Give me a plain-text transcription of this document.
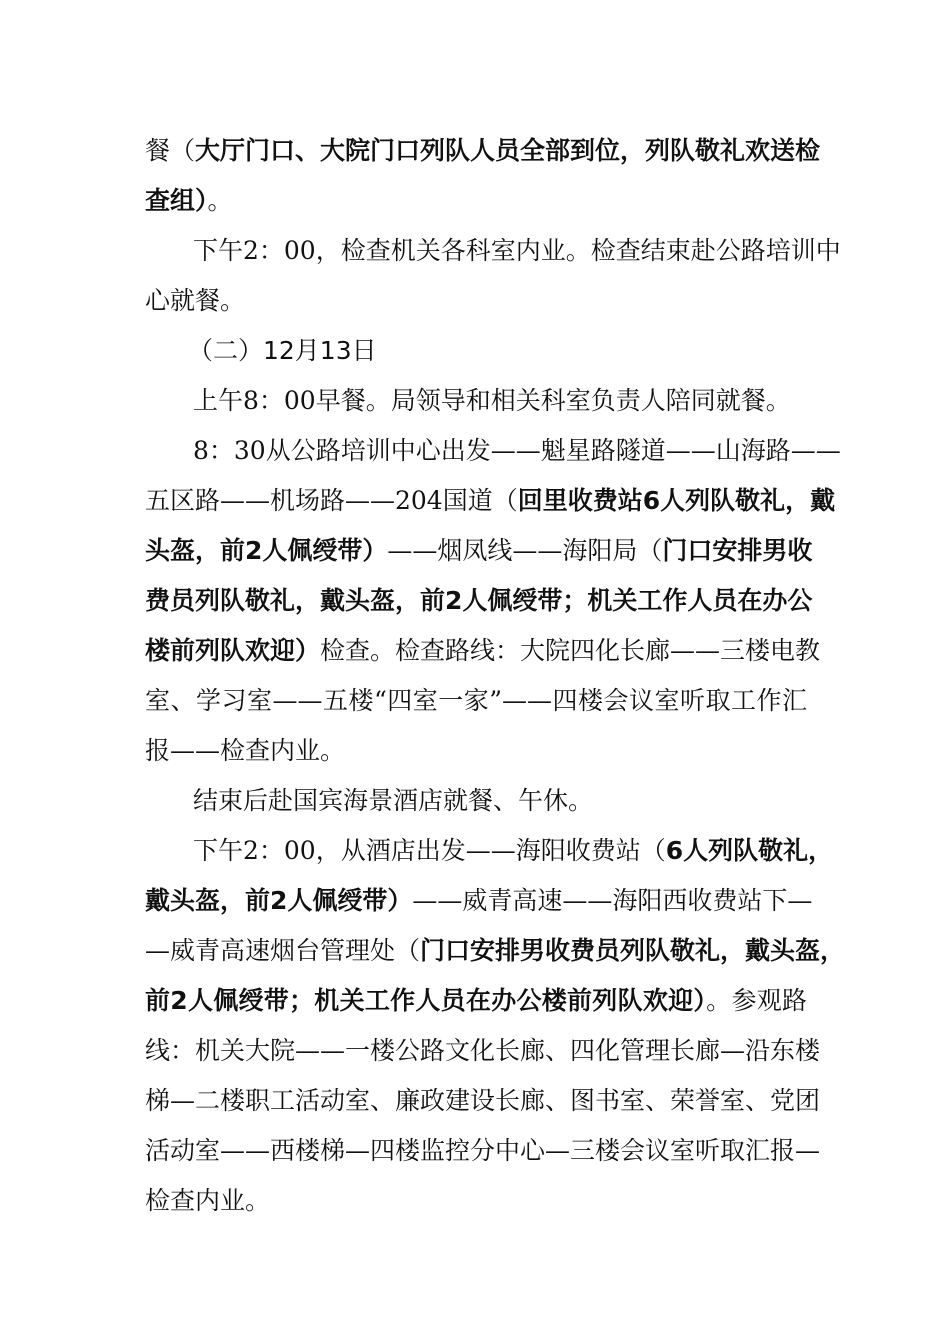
餐（大厅门口、大院门口列队人员全部到位，列队敬礼欢送检
查组）。
下午2：00，检查机关各科室内业。检查结束赴公路培训中
心就餐。
（二）12月13日
上午8：00早餐。局领导和相关科室负责人陪同就餐。
8：30从公路培训中心出发——魁星路隧道——山海路——
五区路——机场路——204国道（回里收费站6人列队敬礼，戴
头盔，前2人佩绶带）——烟凤线——海阳局（门口安排男收
费员列队敬礼，戴头盔，前2人佩绶带；机关工作人员在办公
楼前列队欢迎）检查。检查路线：大院四化长廊——三楼电教
室、学习室——五楼“四室一家”——四楼会议室听取工作汇
报——检查内业。
结束后赴国宾海景酒店就餐、午休。
下午2：00，从酒店出发——海阳收费站（6人列队敬礼，
戴头盔，前2人佩绶带）——威青高速——海阳西收费站下—
—威青高速烟台管理处（门口安排男收费员列队敬礼，戴头盔，
前2人佩绶带；机关工作人员在办公楼前列队欢迎）。参观路
线：机关大院——一楼公路文化长廊、四化管理长廊—沿东楼
梯—二楼职工活动室、廉政建设长廊、图书室、荣誉室、党团
活动室——西楼梯—四楼监控分中心—三楼会议室听取汇报—
检查内业。
